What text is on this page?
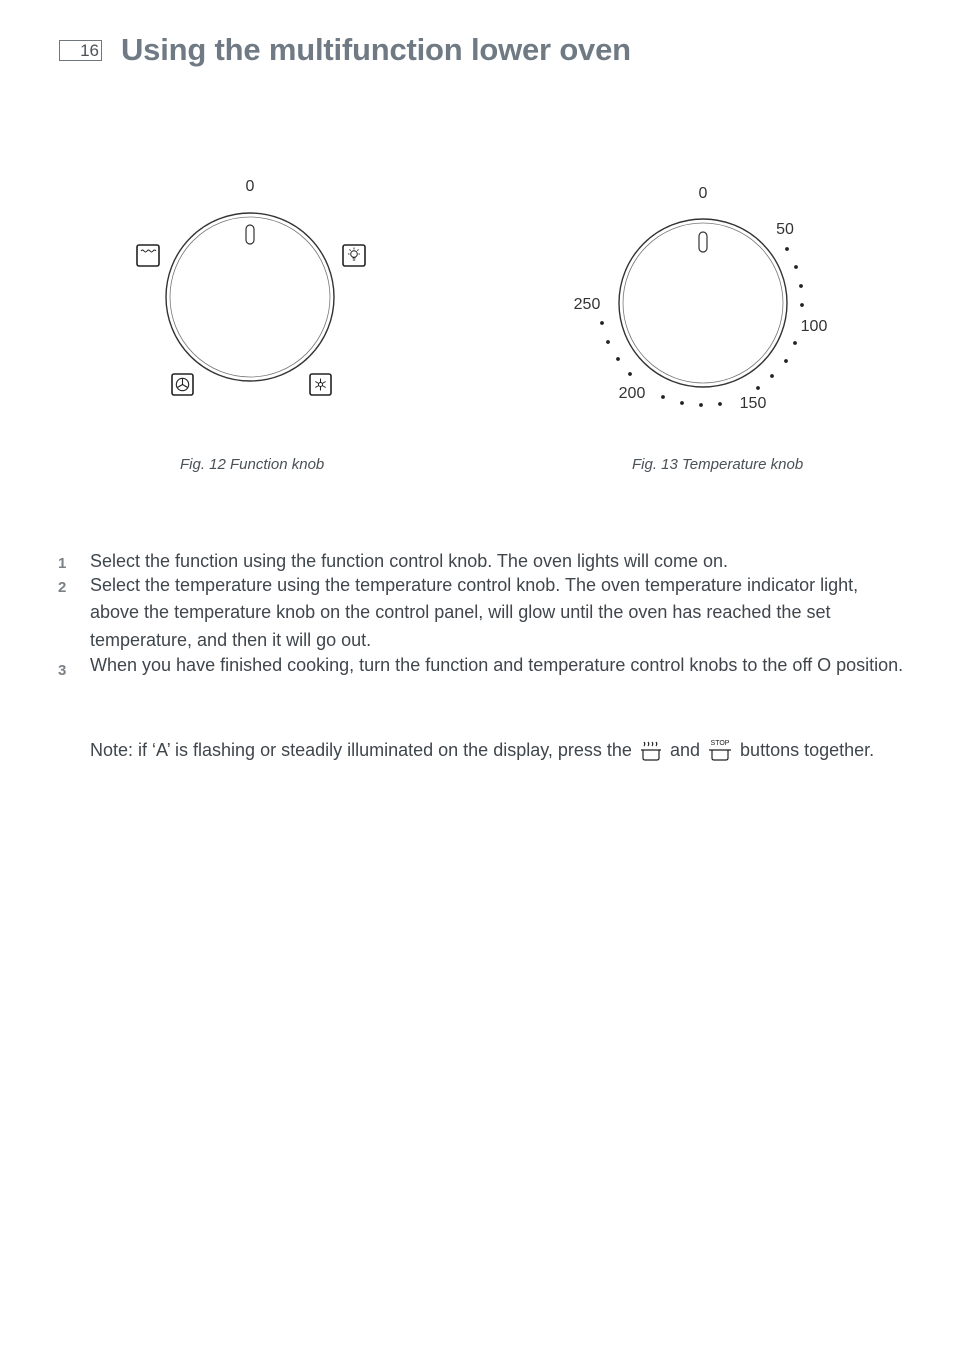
16 Using the multifunction lower oven
0
Fig. 12 Function knob
0
50
100
150
200
250
Fig. 13 Temperature knob
1 Select the function using the function control knob. The oven lights will come on.
2 Select the temperature using the temperature control knob. The oven temperature indicator light, above the temperature knob on the control panel, will glow until the oven has reached the set temperature, and then it will go out.
3 When you have finished cooking, turn the function and temperature control knobs to the off O position.
Note: if ‘A’ is flashing or steadily illuminated on the display, press the and STOP buttons together.
